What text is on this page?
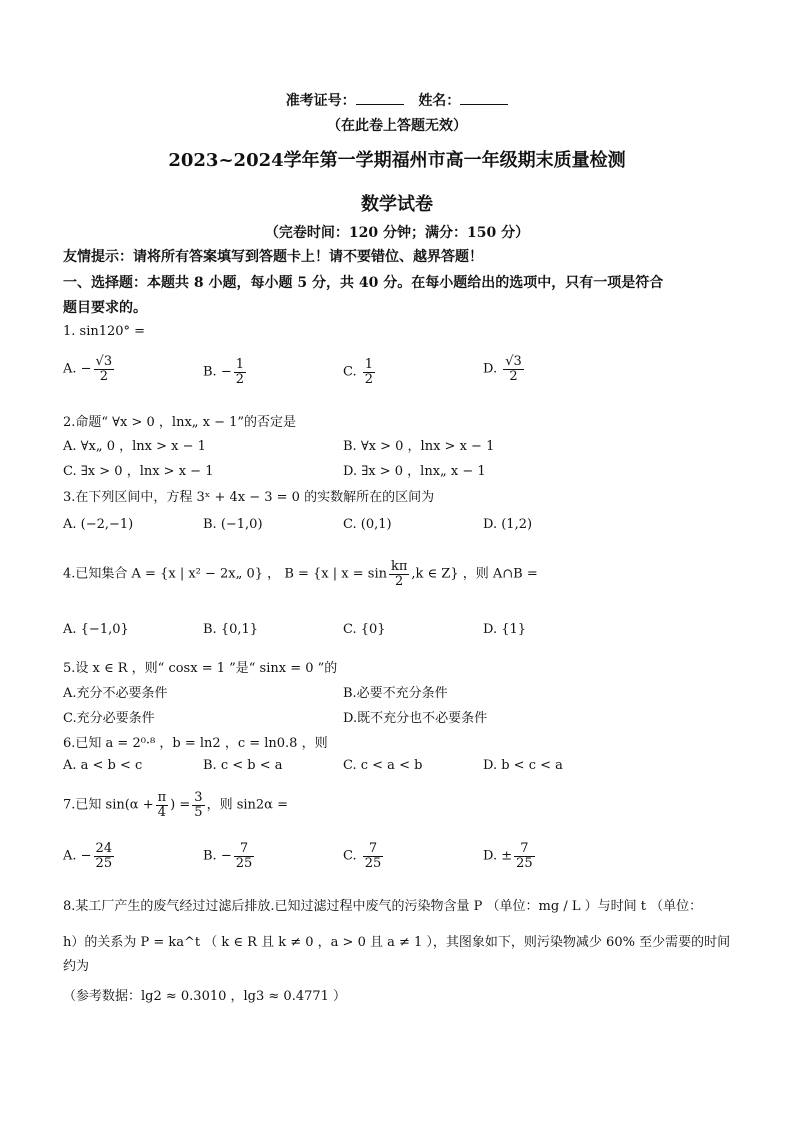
准考证号：	姓名：
（在此卷上答题无效）
2023~2024学年第一学期福州市高一年级期末质量检测
数学试卷
（完卷时间：120 分钟；满分：150 分）
友情提示：请将所有答案填写到答题卡上！请不要错位、越界答题！
一、选择题：本题共 8 小题，每小题 5 分，共 40 分。在每小题给出的选项中，只有一项是符合
题目要求的。
1. sin120° =
A. − $\frac{√3}{2}$	B. − $\frac{1}{2}$	C. $\frac{1}{2}$	D. $\frac{√3}{2}$
2.命题“ ∀x > 0 ，lnx„ x − 1”的否定是
A. ∀x„ 0 ，lnx > x − 1	B. ∀x > 0 ，lnx > x − 1
C. ∃x > 0 ，lnx > x − 1	D. ∃x > 0 ，lnx„ x − 1
3.在下列区间中，方程 3ˣ + 4x − 3 = 0 的实数解所在的区间为
A. (−2,−1)	B. (−1,0)	C. (0,1)	D. (1,2)
4.已知集合 A = {x | x² − 2x„ 0} ， B = {x | $x = \sin \frac{k\pi}{2} ,k$ ∈ Z} ，则 A∩B =
A. {−1,0}	B. {0,1}	C. {0}	D. {1}
5.设 x ∈ R ，则“ cosx = 1 ”是“ sinx = 0 ”的
A.充分不必要条件	B.必要不充分条件
C.充分必要条件	D.既不充分也不必要条件
6.已知 a = 2⁰·⁸ ，b = ln2 ，c = ln0.8 ，则
A. a < b < c	B. c < b < a	C. c < a < b	D. b < c < a
7.已知 $\sin(\alpha + \frac{\pi}{4}$ ) = $\frac{3}{5}$ ，则 sin2α =
A. − $\frac{24}{25}$	B. − $\frac{7}{25}$	C. $\frac{7}{25}$	D. ± $\frac{7}{25}$
8.某工厂产生的废气经过过滤后排放.已知过滤过程中废气的污染物含量 P （单位：mg / L ）与时间 t （单位：
h）的关系为 P = ka^t （ k ∈ R 且 k ≠ 0 ，a > 0 且 a ≠ 1 ），其图象如下，则污染物减少 60% 至少需要的时间
约为
（参考数据：lg2 ≈ 0.3010 ，lg3 ≈ 0.4771 ）
